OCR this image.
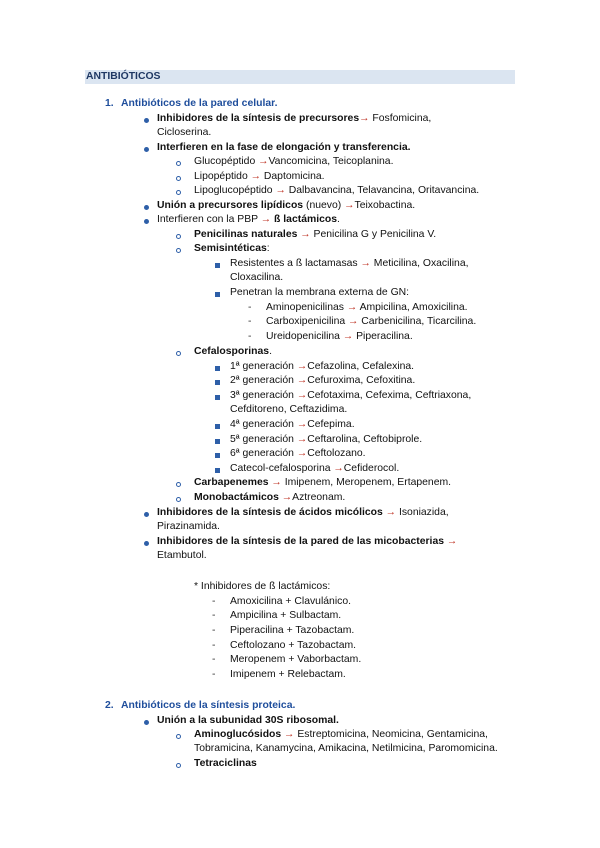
ANTIBIÓTICOS
1. Antibióticos de la pared celular.
Inhibidores de la síntesis de precursores→ Fosfomicina,
Cicloserina.
Interfieren en la fase de elongación y transferencia.
Glucopéptido →Vancomicina, Teicoplanina.
Lipopéptido → Daptomicina.
Lipoglucopéptido → Dalbavancina, Telavancina, Oritavancina.
Unión a precursores lipídicos (nuevo) →Teixobactina.
Interfieren con la PBP → ß lactámicos.
Penicilinas naturales → Penicilina G y Penicilina V.
Semisintéticas:
Resistentes a ß lactamasas → Meticilina, Oxacilina,
Cloxacilina.
Penetran la membrana externa de GN:
- Aminopenicilinas → Ampicilina, Amoxicilina.
- Carboxipenicilina → Carbenicilina, Ticarcilina.
- Ureidopenicilina → Piperacilina.
Cefalosporinas.
1ª generación →Cefazolina, Cefalexina.
2ª generación →Cefuroxima, Cefoxitina.
3ª generación →Cefotaxima, Cefexima, Ceftriaxona,
Cefditoreno, Ceftazidima.
4ª generación →Cefepima.
5ª generación →Ceftarolina, Ceftobiprole.
6ª generación →Ceftolozano.
Catecol-cefalosporina →Cefiderocol.
Carbapenemes → Imipenem, Meropenem, Ertapenem.
Monobactámicos →Aztreonam.
Inhibidores de la síntesis de ácidos micólicos → Isoniazida,
Pirazinamida.
Inhibidores de la síntesis de la pared de las micobacterias →
Etambutol.
* Inhibidores de ß lactámicos:
- Amoxicilina + Clavulánico.
- Ampicilina + Sulbactam.
- Piperacilina + Tazobactam.
- Ceftolozano + Tazobactam.
- Meropenem + Vaborbactam.
- Imipenem + Relebactam.
2. Antibióticos de la síntesis proteica.
Unión a la subunidad 30S ribosomal.
Aminoglucósidos → Estreptomicina, Neomicina, Gentamicina,
Tobramicina, Kanamycina, Amikacina, Netilmicina, Paromomicina.
Tetraciclinas
